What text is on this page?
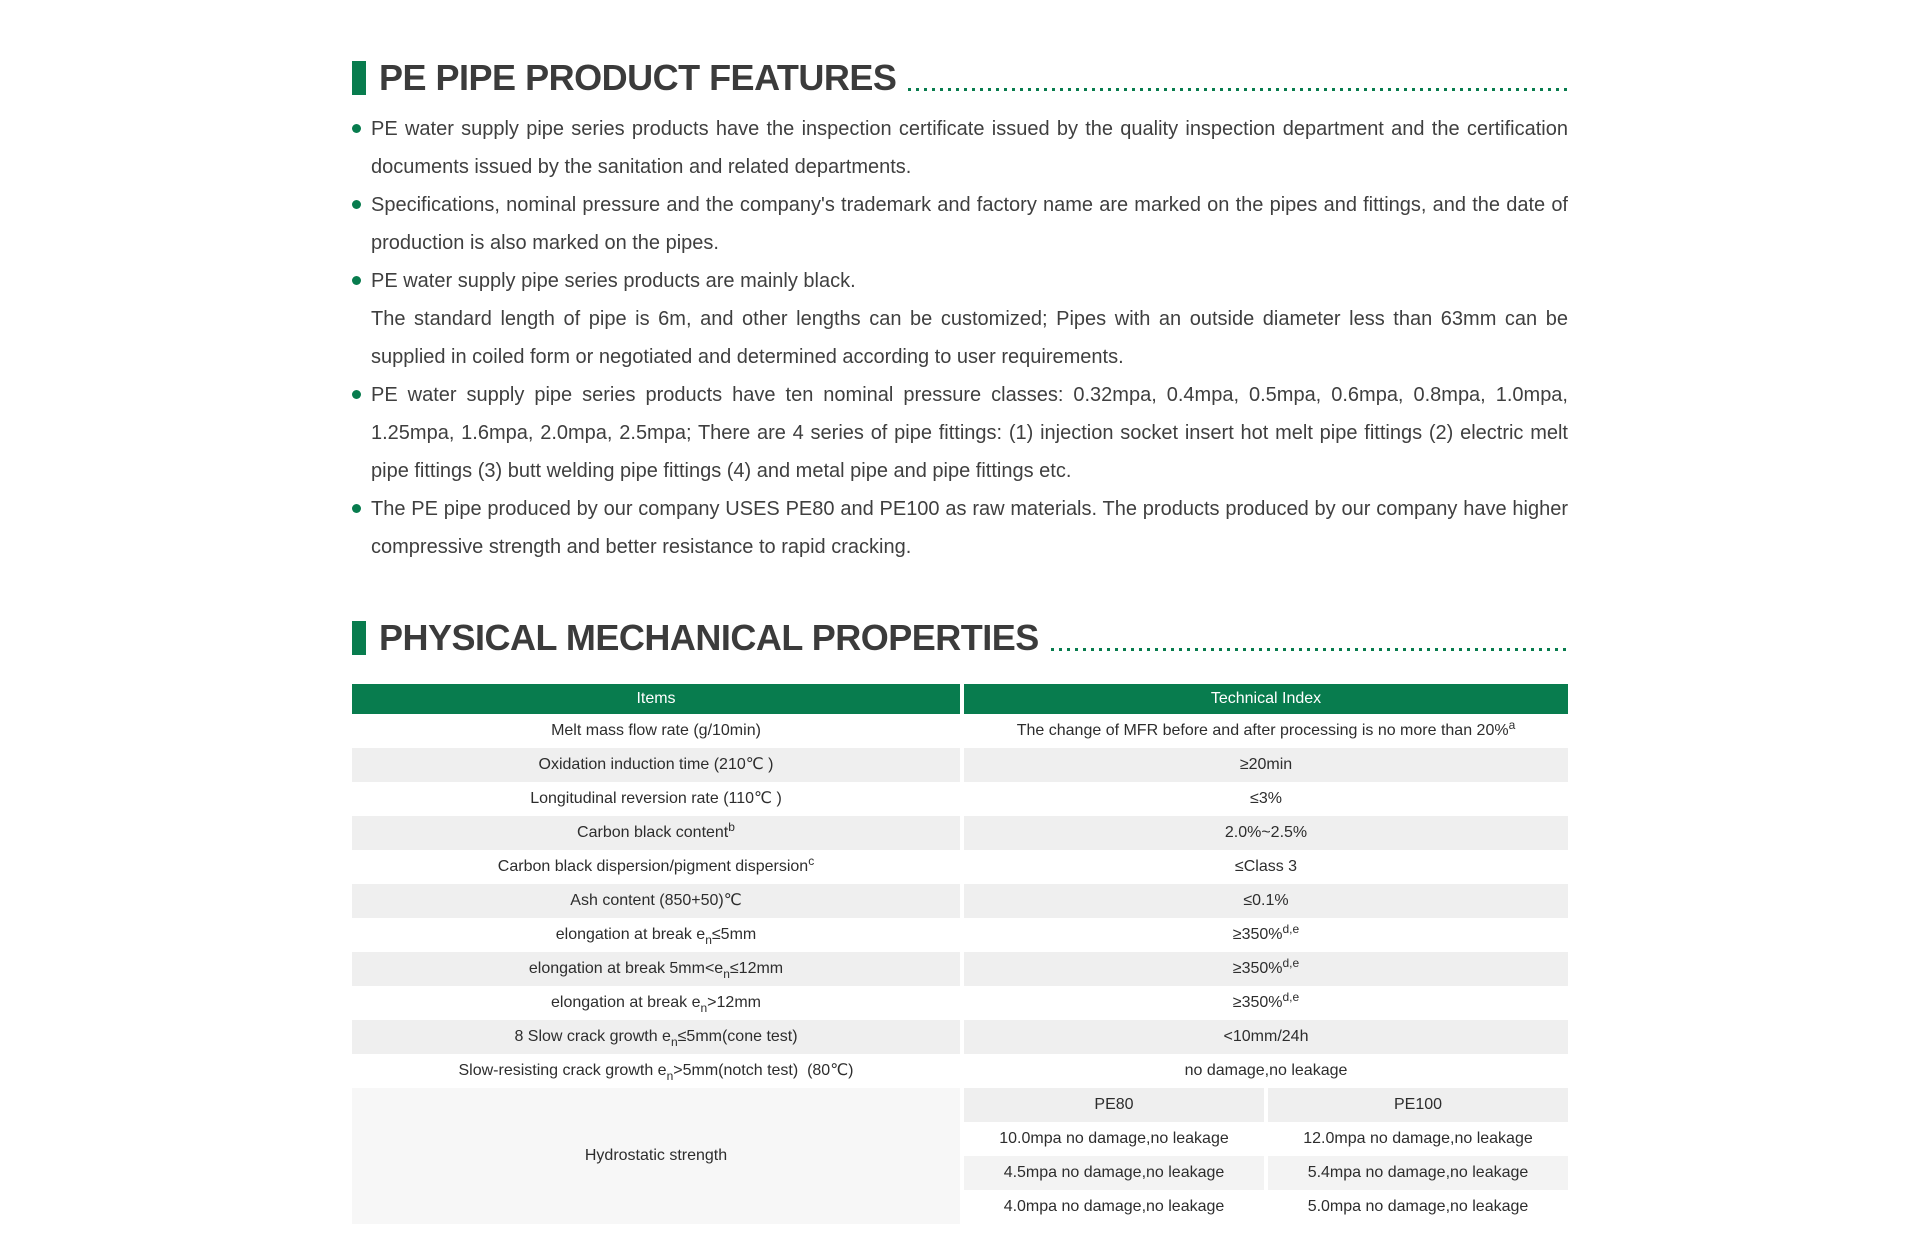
PE PIPE PRODUCT FEATURES

PE water supply pipe series products have the inspection certificate issued by the quality inspection department and the certification documents issued by the sanitation and related departments.

Specifications, nominal pressure and the company's trademark and factory name are marked on the pipes and fittings, and the date of production is also marked on the pipes.

PE water supply pipe series products are mainly black.

The standard length of pipe is 6m, and other lengths can be customized; Pipes with an outside diameter less than 63mm can be supplied in coiled form or negotiated and determined according to user requirements.

PE water supply pipe series products have ten nominal pressure classes: 0.32mpa, 0.4mpa, 0.5mpa, 0.6mpa, 0.8mpa, 1.0mpa, 1.25mpa, 1.6mpa, 2.0mpa, 2.5mpa; There are 4 series of pipe fittings: (1) injection socket insert hot melt pipe fittings (2) electric melt pipe fittings (3) butt welding pipe fittings (4) and metal pipe and pipe fittings etc.

The PE pipe produced by our company USES PE80 and PE100 as raw materials. The products produced by our company have higher compressive strength and better resistance to rapid cracking.

PHYSICAL MECHANICAL PROPERTIES
Items	Technical Index
Melt mass flow rate (g/10min)	The change of MFR before and after processing is no more than 20%$^a$
Oxidation induction time (210℃ )	≥20min
Longitudinal reversion rate (110℃ )	≤3%
Carbon black content$^b$	2.0%~2.5%
Carbon black dispersion/pigment dispersion$^c$	≤Class 3
Ash content (850+50)℃	≤0.1%
elongation at break $e_n\le 5mm$	≥350%$^{d,e}$
elongation at break $5mm<e_n\le 12mm$	≥350%$^{d,e}$
elongation at break $e_n>12mm$	≥350%$^{d,e}$
8 Slow crack growth $e_n\le 5mm(cone$ test)	<10mm/24h
Slow-resisting crack growth $e_n>5mm(notch$ test)  (80℃)	no damage,no leakage
Hydrostatic strength
PE80	PE100
10.0mpa no damage,no leakage	12.0mpa no damage,no leakage
4.5mpa no damage,no leakage	5.4mpa no damage,no leakage
4.0mpa no damage,no leakage	5.0mpa no damage,no leakage
